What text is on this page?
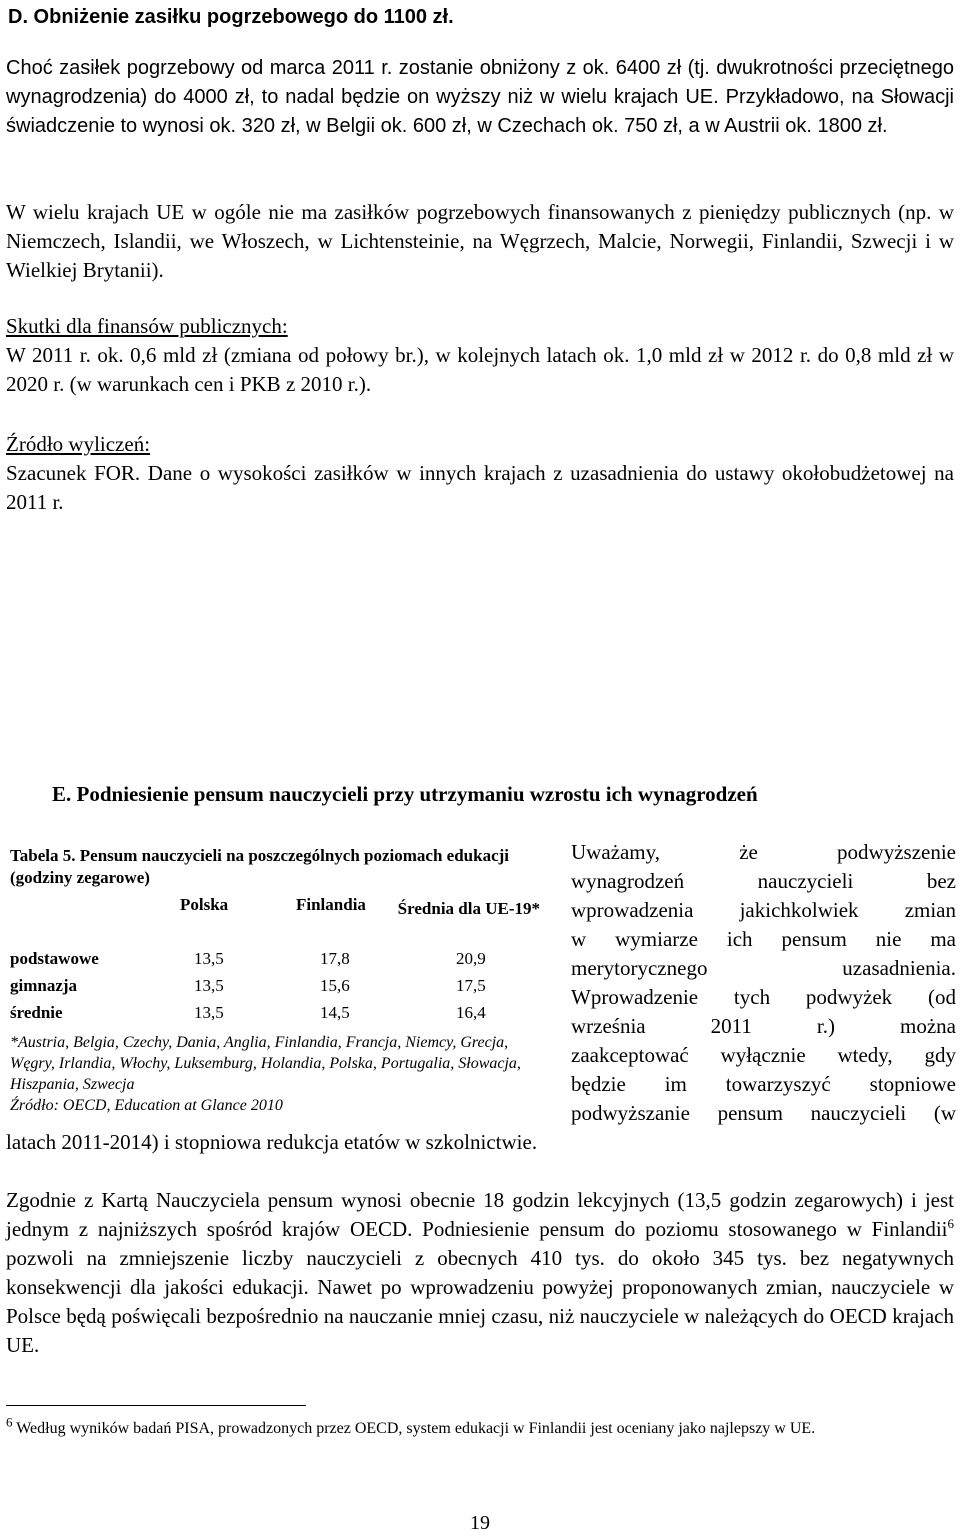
D. Obniżenie zasiłku pogrzebowego do 1100 zł.

Choć zasiłek pogrzebowy od marca 2011 r. zostanie obniżony z ok. 6400 zł (tj. dwukrotności przeciętnego wynagrodzenia) do 4000 zł, to nadal będzie on wyższy niż w wielu krajach UE. Przykładowo, na Słowacji świadczenie to wynosi ok. 320 zł, w Belgii ok. 600 zł, w Czechach ok. 750 zł, a w Austrii ok. 1800 zł.

W wielu krajach UE w ogóle nie ma zasiłków pogrzebowych finansowanych z pieniędzy publicznych (np. w Niemczech, Islandii, we Włoszech, w Lichtensteinie, na Węgrzech, Malcie, Norwegii, Finlandii, Szwecji i w Wielkiej Brytanii).

Skutki dla finansów publicznych:

W 2011 r. ok. 0,6 mld zł (zmiana od połowy br.), w kolejnych latach ok. 1,0 mld zł w 2012 r. do 0,8 mld zł w 2020 r. (w warunkach cen i PKB z 2010 r.).

Źródło wyliczeń:

Szacunek FOR. Dane o wysokości zasiłków w innych krajach z uzasadnienia do ustawy okołobudżetowej na 2011 r.

E. Podniesienie pensum nauczycieli przy utrzymaniu wzrostu ich wynagrodzeń

Tabela 5. Pensum nauczycieli na poszczególnych poziomach edukacji (godziny zegarowe)

	Polska	Finlandia	Średnia dla UE-19*
podstawowe	13,5	17,8	20,9
gimnazja	13,5	15,6	17,5
średnie	13,5	14,5	16,4

*Austria, Belgia, Czechy, Dania, Anglia, Finlandia, Francja, Niemcy, Grecja, Węgry, Irlandia, Włochy, Luksemburg, Holandia, Polska, Portugalia, Słowacja, Hiszpania, Szwecja

Źródło: OECD, Education at Glance 2010

Uważamy, że podwyższenie
wynagrodzeń nauczycieli bez
wprowadzenia jakichkolwiek zmian
w wymiarze ich pensum nie ma
merytorycznego uzasadnienia.
Wprowadzenie tych podwyżek (od
września 2011 r.) można
zaakceptować wyłącznie wtedy, gdy
będzie im towarzyszyć stopniowe
podwyższanie pensum nauczycieli (w

latach 2011-2014) i stopniowa redukcja etatów w szkolnictwie.

Zgodnie z Kartą Nauczyciela pensum wynosi obecnie 18 godzin lekcyjnych (13,5 godzin zegarowych) i jest jednym z najniższych spośród krajów OECD. Podniesienie pensum do poziomu stosowanego w Finlandii$^6$ pozwoli na zmniejszenie liczby nauczycieli z obecnych 410 tys. do około 345 tys. bez negatywnych konsekwencji dla jakości edukacji. Nawet po wprowadzeniu powyżej proponowanych zmian, nauczyciele w Polsce będą poświęcali bezpośrednio na nauczanie mniej czasu, niż nauczyciele w należących do OECD krajach UE.

$^6$ Według wyników badań PISA, prowadzonych przez OECD, system edukacji w Finlandii jest oceniany jako najlepszy w UE.

19
